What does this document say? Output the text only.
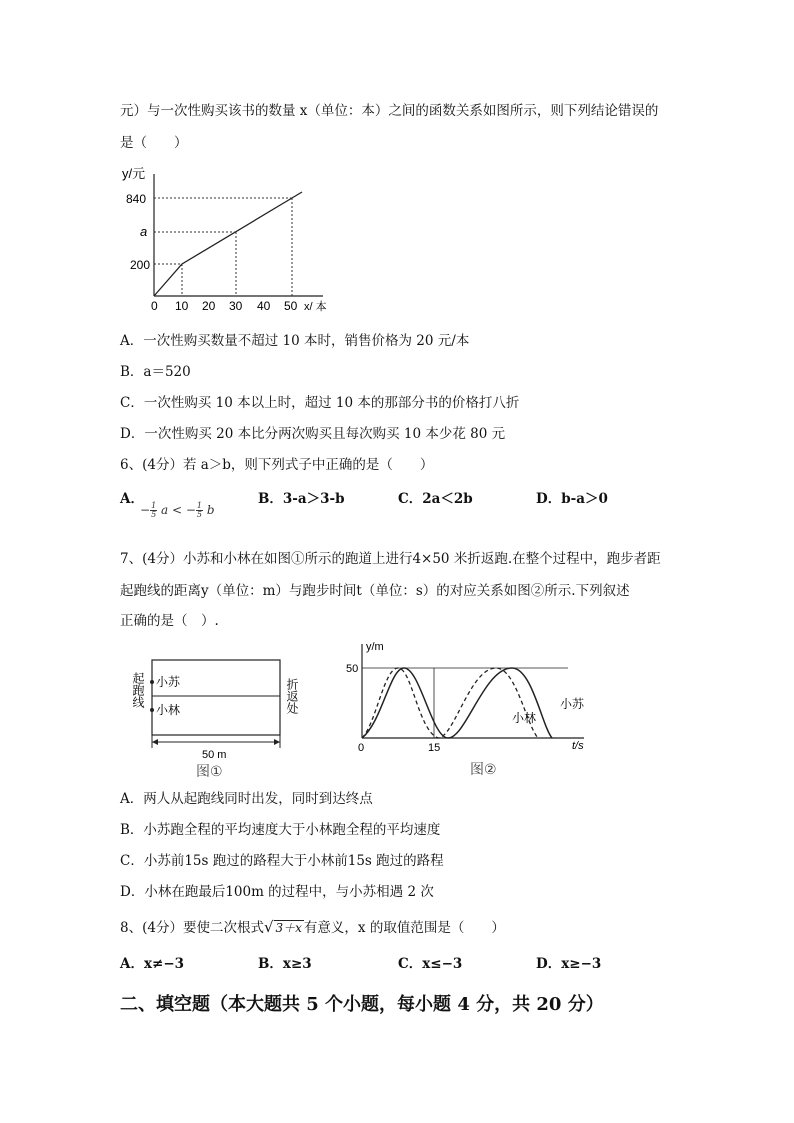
元）与一次性购买该书的数量 x（单位：本）之间的函数关系如图所示，则下列结论错误的
是（　　）
y/元
x/ 本
840
a
200
0 10 20 30 40 50
A．一次性购买数量不超过 10 本时，销售价格为 20 元/本
B．a＝520
C．一次性购买 10 本以上时，超过 10 本的那部分书的价格打八折
D．一次性购买 20 本比分两次购买且每次购买 10 本少花 80 元
6、(4分）若 a＞b，则下列式子中正确的是（　　）
A．
− $\frac{1}{5}$ a < − $\frac{1}{5}$ b
B．3-a＞3-b	C．2a＜2b	D．b-a＞0
7、(4分）小苏和小林在如图①所示的跑道上进行4×50 米折返跑.在整个过程中，跑步者距
起跑线的距离y（单位：m）与跑步时间t（单位：s）的对应关系如图②所示.下列叙述
正确的是（　）.
小苏
小林
起跑线	折返处
50 m
图①
y/m
t/s
50
0	15
小苏
小林
图②
A．两人从起跑线同时出发，同时到达终点
B．小苏跑全程的平均速度大于小林跑全程的平均速度
C．小苏前15s 跑过的路程大于小林前15s 跑过的路程
D．小林在跑最后100m 的过程中，与小苏相遇 2 次
8、(4分）要使二次根式√ 3＋x 有意义，x 的取值范围是（　　）
A．x≠−3	B．x≥3	C．x≤−3	D．x≥−3
二、填空题（本大题共 5 个小题，每小题 4 分，共 20 分）
